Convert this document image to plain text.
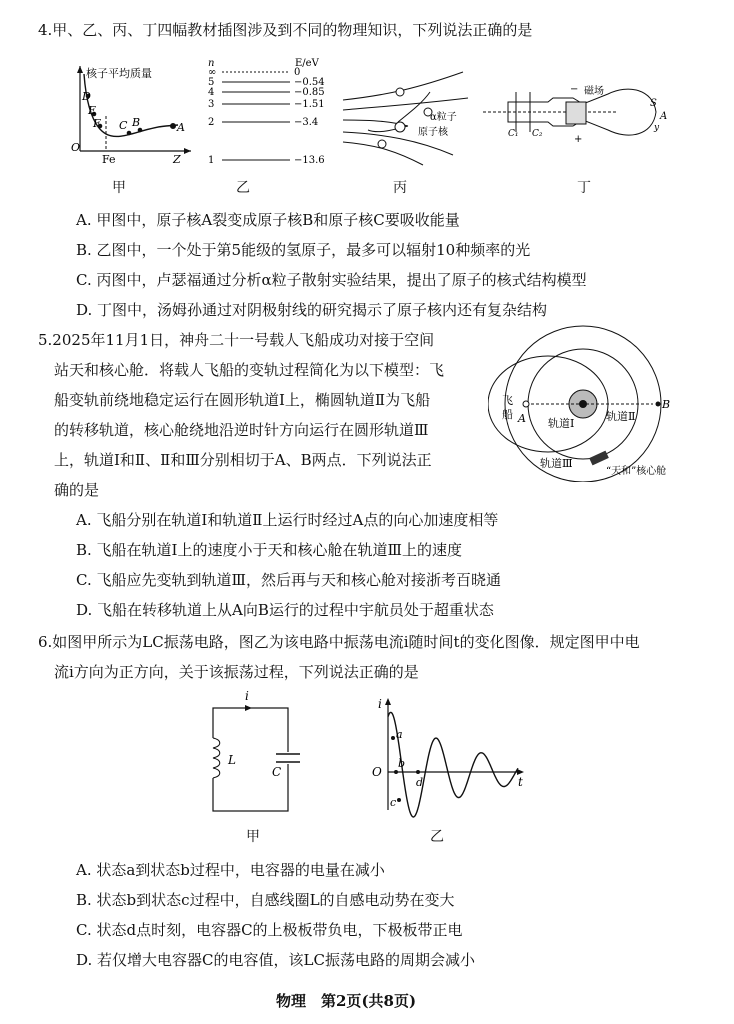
4.甲、乙、丙、丁四幅教材插图涉及到不同的物理知识，下列说法正确的是
核子平均质量
D
E
F C B	A
O
Fe	Z
n	E/eV
∞
5
4
3
2
1
0
−0.54
−0.85
−1.51
−3.4
−13.6
α粒子
原子核
磁场
C₁ C₂
S
A
y
−
+
甲	乙	丙	丁
A. 甲图中，原子核A裂变成原子核B和原子核C要吸收能量
B. 乙图中，一个处于第5能级的氢原子，最多可以辐射10种频率的光
C. 丙图中，卢瑟福通过分析α粒子散射实验结果，提出了原子的核式结构模型
D. 丁图中，汤姆孙通过对阴极射线的研究揭示了原子核内还有复杂结构
5.2025年11月1日，神舟二十一号载人飞船成功对接于空间
站天和核心舱．将载人飞船的变轨过程简化为以下模型：飞
船变轨前绕地稳定运行在圆形轨道Ⅰ上，椭圆轨道Ⅱ为飞船
的转移轨道，核心舱绕地沿逆时针方向运行在圆形轨道Ⅲ
上，轨道Ⅰ和Ⅱ、Ⅱ和Ⅲ分别相切于A、B两点．下列说法正
确的是
飞
船 A
B
轨道Ⅰ
轨道Ⅱ
轨道Ⅲ
“天和”核心舱
A. 飞船分别在轨道Ⅰ和轨道Ⅱ上运行时经过A点的向心加速度相等
B. 飞船在轨道Ⅰ上的速度小于天和核心舱在轨道Ⅲ上的速度
C. 飞船应先变轨到轨道Ⅲ，然后再与天和核心舱对接浙考百晓通
D. 飞船在转移轨道上从A向B运行的过程中宇航员处于超重状态
6.如图甲所示为LC振荡电路，图乙为该电路中振荡电流i随时间t的变化图像．规定图甲中电
流i方向为正方向，关于该振荡过程，下列说法正确的是
i
L
C
甲
i
t
O
a
b
c
d
乙
A. 状态a到状态b过程中，电容器的电量在减小
B. 状态b到状态c过程中，自感线圈L的自感电动势在变大
C. 状态d点时刻，电容器C的上极板带负电，下极板带正电
D. 若仅增大电容器C的电容值，该LC振荡电路的周期会减小
物理　第2页(共8页)
